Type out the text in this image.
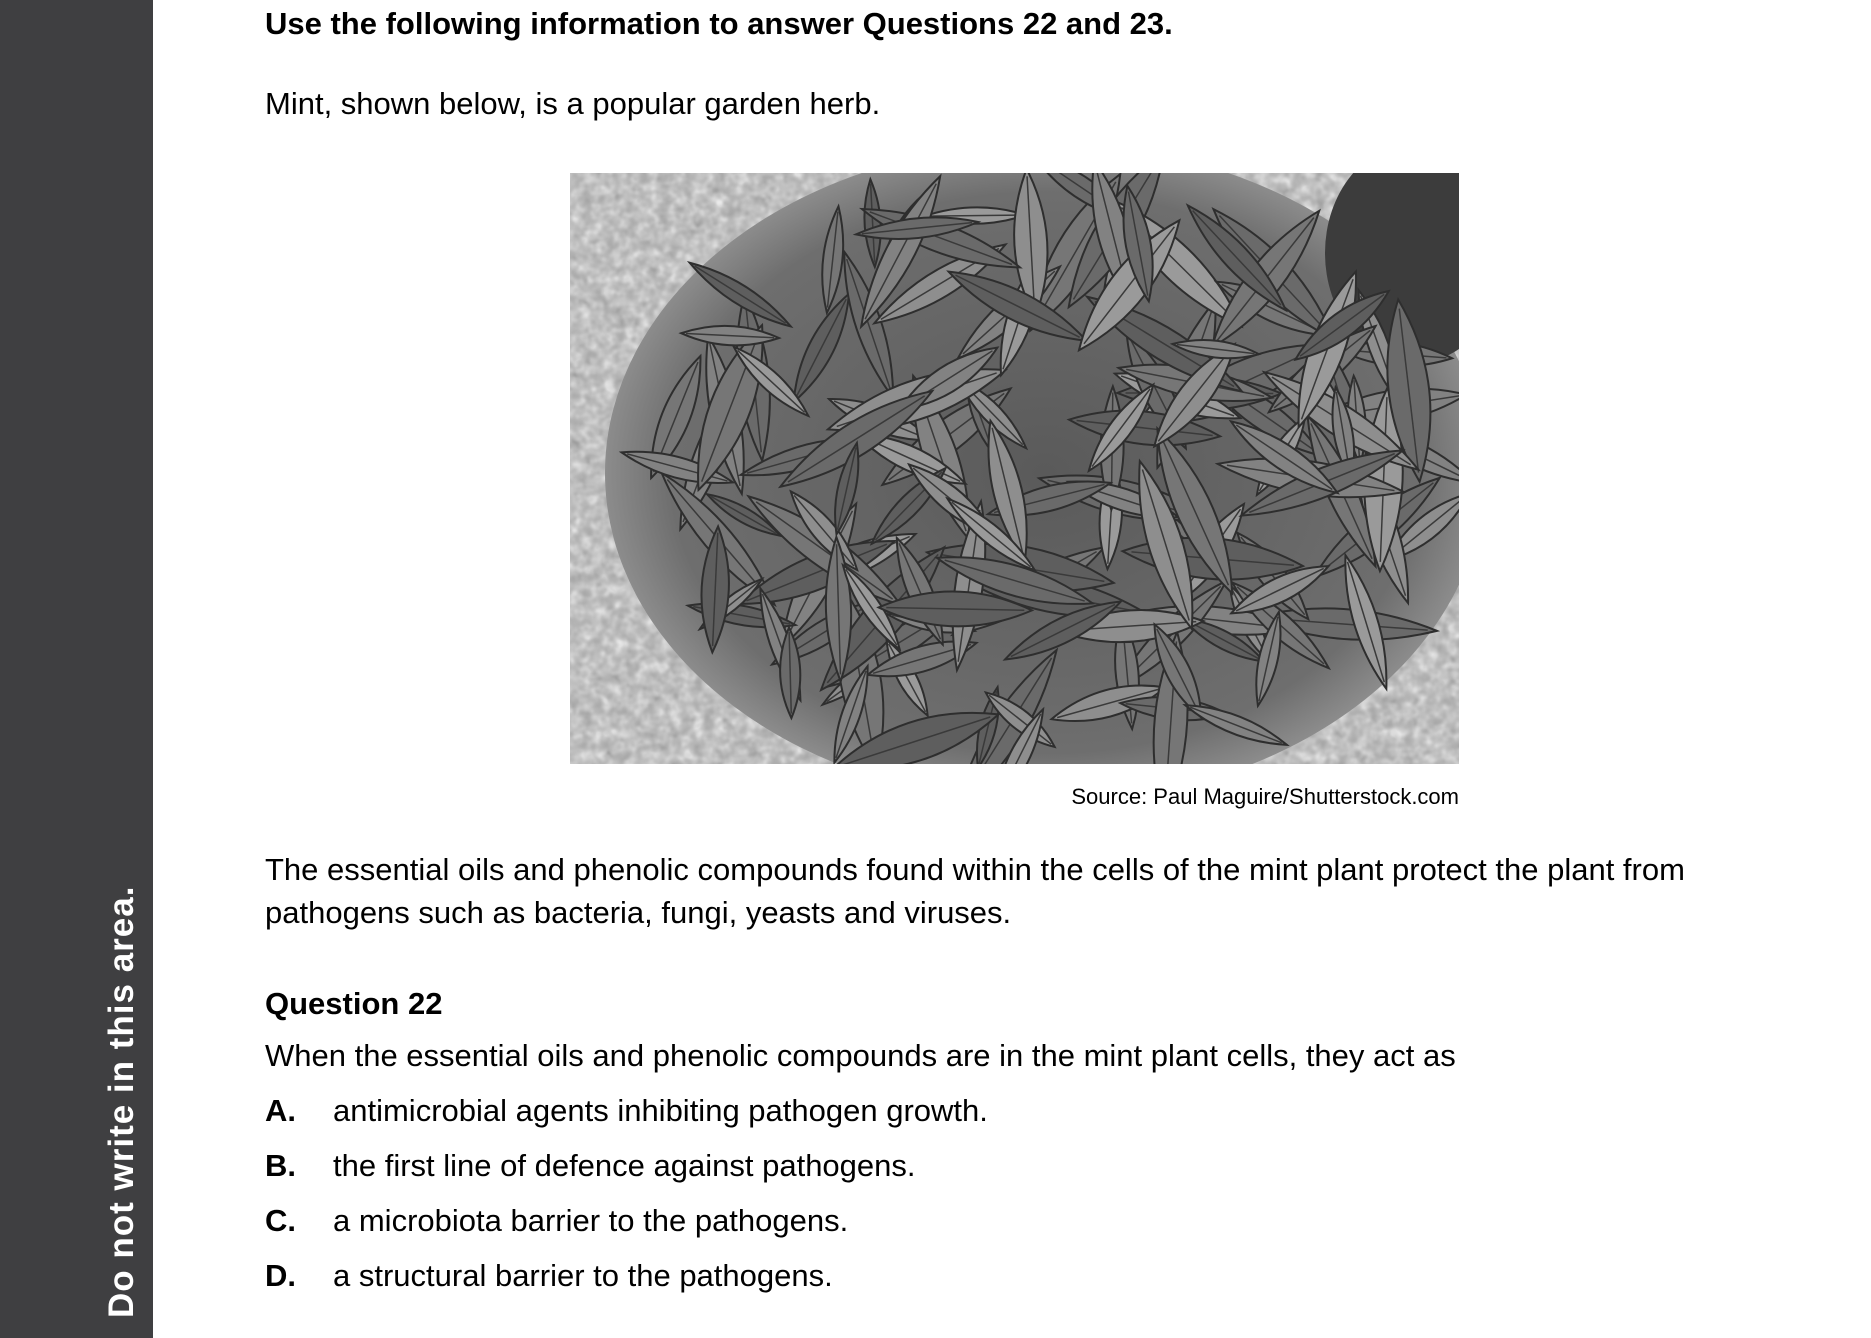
Do not write in this area.

Use the following information to answer Questions 22 and 23.

Mint, shown below, is a popular garden herb.

Source: Paul Maguire/Shutterstock.com

The essential oils and phenolic compounds found within the cells of the mint plant protect the plant from pathogens such as bacteria, fungi, yeasts and viruses.

Question 22

When the essential oils and phenolic compounds are in the mint plant cells, they act as

A.	antimicrobial agents inhibiting pathogen growth.
B.	the first line of defence against pathogens.
C.	a microbiota barrier to the pathogens.
D.	a structural barrier to the pathogens.
